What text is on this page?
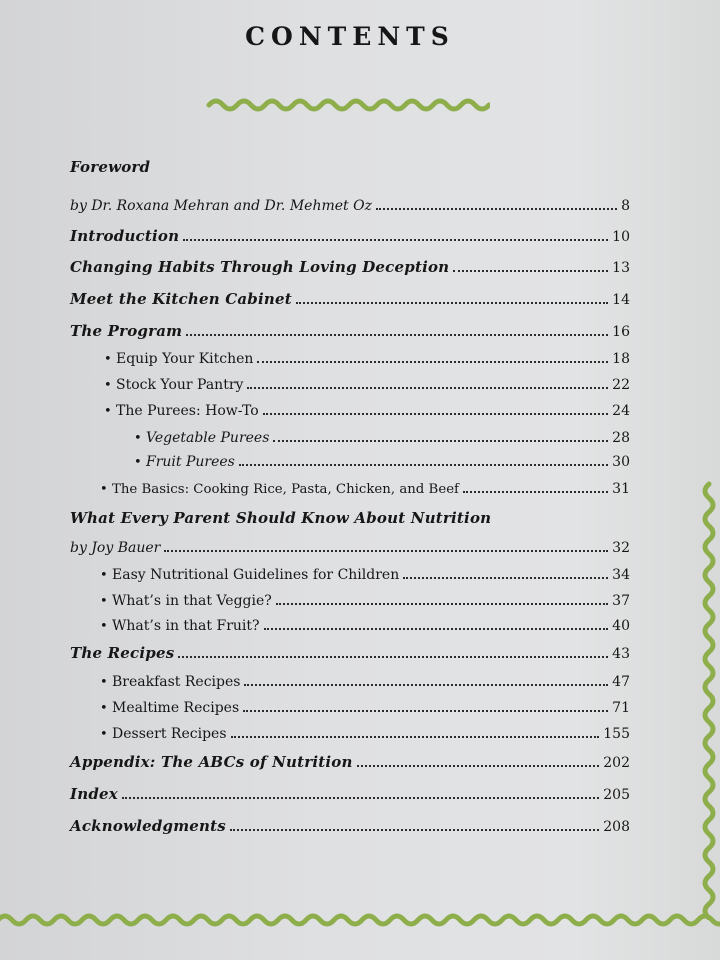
CONTENTS
Foreword
by Dr. Roxana Mehran and Dr. Mehmet Oz	8
Introduction	10
Changing Habits Through Loving Deception	13
Meet the Kitchen Cabinet	14
The Program	16
• Equip Your Kitchen	18
• Stock Your Pantry	22
• The Purees: How-To	24
• Vegetable Purees	28
• Fruit Purees	30
• The Basics: Cooking Rice, Pasta, Chicken, and Beef	31
What Every Parent Should Know About Nutrition
by Joy Bauer	32
• Easy Nutritional Guidelines for Children	34
• What’s in that Veggie?	37
• What’s in that Fruit?	40
The Recipes	43
• Breakfast Recipes	47
• Mealtime Recipes	71
• Dessert Recipes	155
Appendix: The ABCs of Nutrition	202
Index	205
Acknowledgments	208
